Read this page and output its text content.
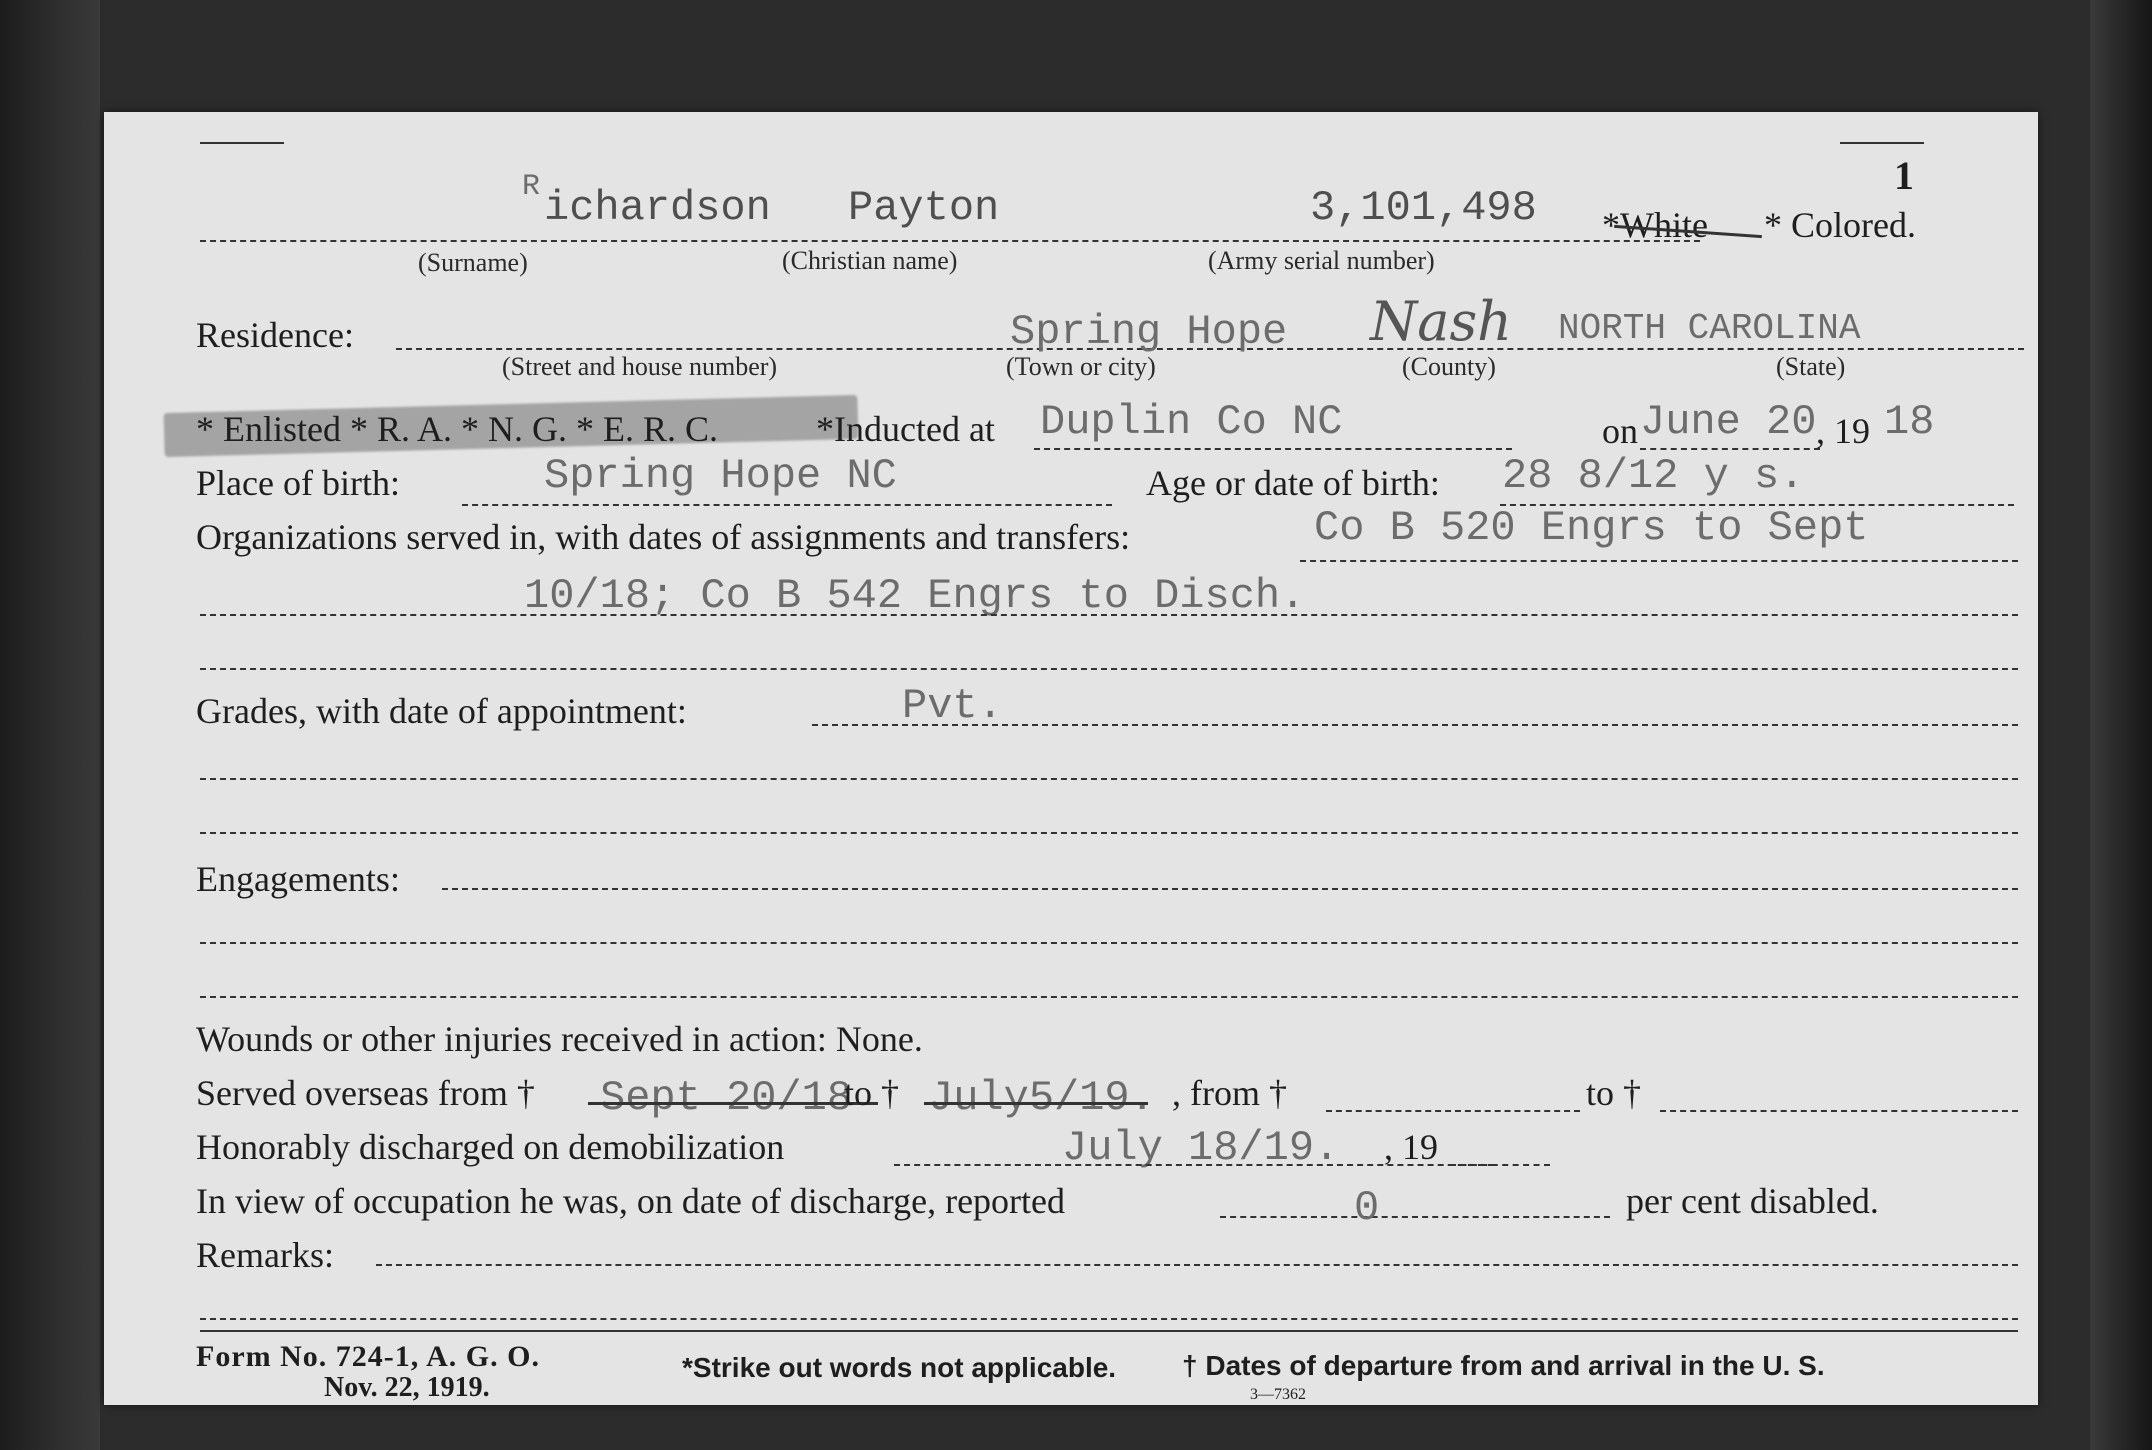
1
R ichardson Payton	3,101,498 *White * Colored.
(Surname)	(Christian name)	(Army serial number)
Residence:	Spring Hope Nash NORTH CAROLINA
(Street and house number)	(Town or city)	(County)	(State)
* Enlisted * R. A. * N. G. * E. R. C.	*Inducted at Duplin Co NC	on June 20 , 19 18
Place of birth:	Spring Hope NC	Age or date of birth: 28 8/12 y s.
Organizations served in, with dates of assignments and transfers:	Co B 520 Engrs to Sept
10/18; Co B 542 Engrs to Disch.
Grades, with date of appointment:	Pvt.
Engagements:
Wounds or other injuries received in action: None.
Served overseas from † Sept 20/18
to † July5/19. , from †	to †
Honorably discharged on demobilization	July 18/19. , 19
In view of occupation he was, on date of discharge, reported	0	per cent disabled.
Remarks:
Form No. 724-1, A. G. O.
Nov. 22, 1919.
*Strike out words not applicable. † Dates of departure from and arrival in the U. S.
3—7362
